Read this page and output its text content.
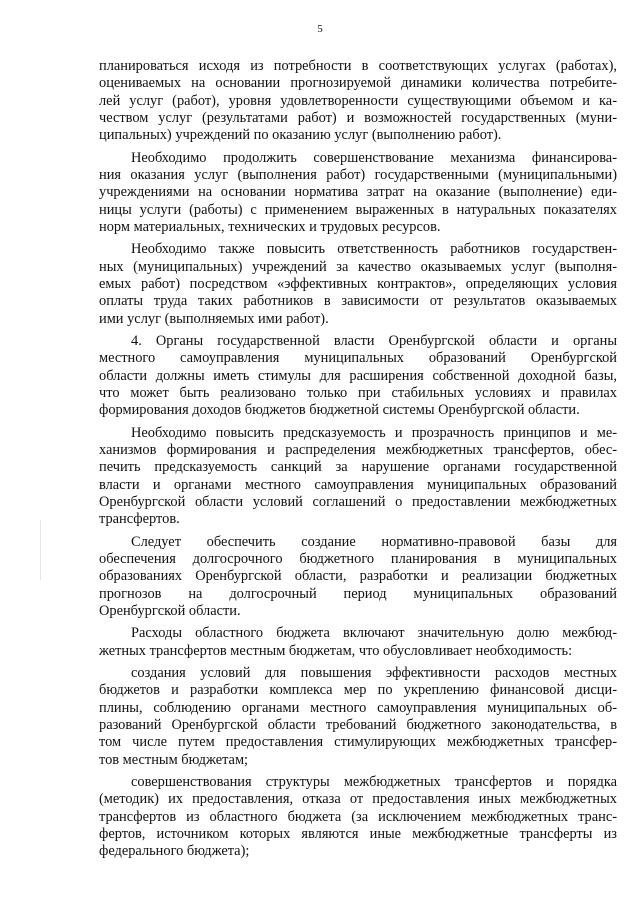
5
планироваться исходя из потребности в соответствующих услугах (работах),
оцениваемых на основании прогнозируемой динамики количества потребите-
лей услуг (работ), уровня удовлетворенности существующими объемом и ка-
чеством услуг (результатами работ) и возможностей государственных (муни-
ципальных) учреждений по оказанию услуг (выполнению работ).
Необходимо продолжить совершенствование механизма финансирова-
ния оказания услуг (выполнения работ) государственными (муниципальными)
учреждениями на основании норматива затрат на оказание (выполнение) еди-
ницы услуги (работы) с применением выраженных в натуральных показателях
норм материальных, технических и трудовых ресурсов.
Необходимо также повысить ответственность работников государствен-
ных (муниципальных) учреждений за качество оказываемых услуг (выполня-
емых работ) посредством «эффективных контрактов», определяющих условия
оплаты труда таких работников в зависимости от результатов оказываемых
ими услуг (выполняемых ими работ).
4. Органы государственной власти Оренбургской области и органы
местного самоуправления муниципальных образований Оренбургской
области должны иметь стимулы для расширения собственной доходной базы,
что может быть реализовано только при стабильных условиях и правилах
формирования доходов бюджетов бюджетной системы Оренбургской области.
Необходимо повысить предсказуемость и прозрачность принципов и ме-
ханизмов формирования и распределения межбюджетных трансфертов, обес-
печить предсказуемость санкций за нарушение органами государственной
власти и органами местного самоуправления муниципальных образований
Оренбургской области условий соглашений о предоставлении межбюджетных
трансфертов.
Следует обеспечить создание нормативно-правовой базы для
обеспечения долгосрочного бюджетного планирования в муниципальных
образованиях Оренбургской области, разработки и реализации бюджетных
прогнозов на долгосрочный период муниципальных образований
Оренбургской области.
Расходы областного бюджета включают значительную долю межбюд-
жетных трансфертов местным бюджетам, что обусловливает необходимость:
создания условий для повышения эффективности расходов местных
бюджетов и разработки комплекса мер по укреплению финансовой дисци-
плины, соблюдению органами местного самоуправления муниципальных об-
разований Оренбургской области требований бюджетного законодательства, в
том числе путем предоставления стимулирующих межбюджетных трансфер-
тов местным бюджетам;
совершенствования структуры межбюджетных трансфертов и порядка
(методик) их предоставления, отказа от предоставления иных межбюджетных
трансфертов из областного бюджета (за исключением межбюджетных транс-
фертов, источником которых являются иные межбюджетные трансферты из
федерального бюджета);
